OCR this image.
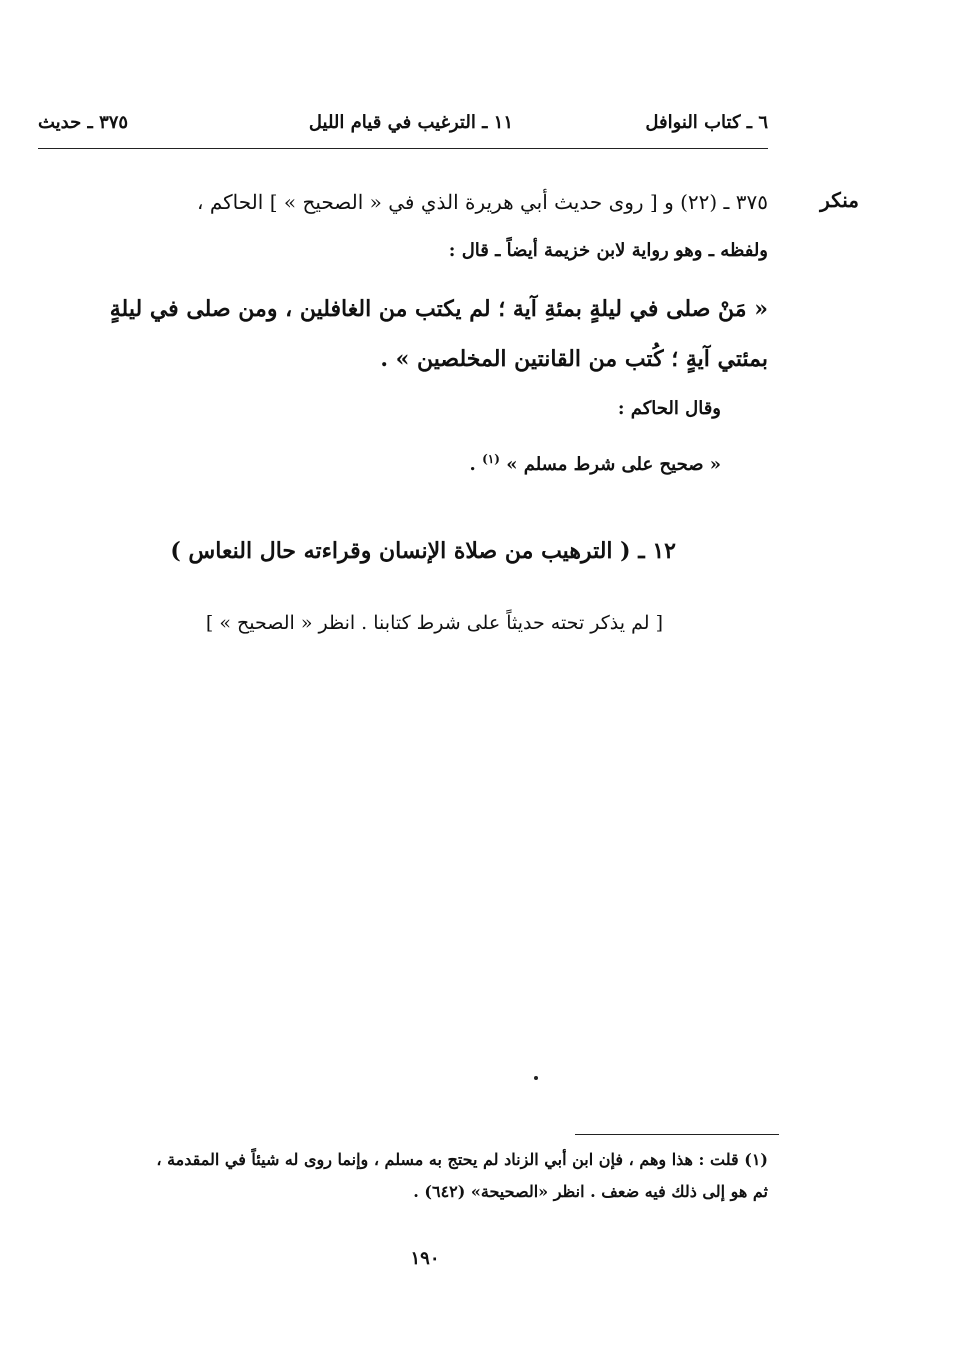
٦ ـ كتاب النوافل
١١ ـ الترغيب في قيام الليل
٣٧٥ ـ حديث
منكر
٣٧٥ ـ (٢٢) و [ روى حديث أبي هريرة الذي في « الصحيح » ] الحاكم ،
ولفظه ـ وهو رواية لابن خزيمة أيضاً ـ قال :
« مَنْ صلى في ليلةٍ بمئةِ آية ؛ لم يكتب من الغافلين ، ومن صلى في ليلةٍ
بمئتي آيةٍ ؛ كُتب من القانتين المخلصين » .
وقال الحاكم :
« صحيح على شرط مسلم » $^{(١)}$ .
١٢ ـ ( الترهيب من صلاة الإنسان وقراءته حال النعاس )
[ لم يذكر تحته حديثاً على شرط كتابنا . انظر « الصحيح » ]
(١) قلت : هذا وهم ، فإن ابن أبي الزناد لم يحتج به مسلم ، وإنما روى له شيئاً في المقدمة ،
ثم هو إلى ذلك فيه ضعف . انظر «الصحيحة» (٦٤٢) .
١٩٠
